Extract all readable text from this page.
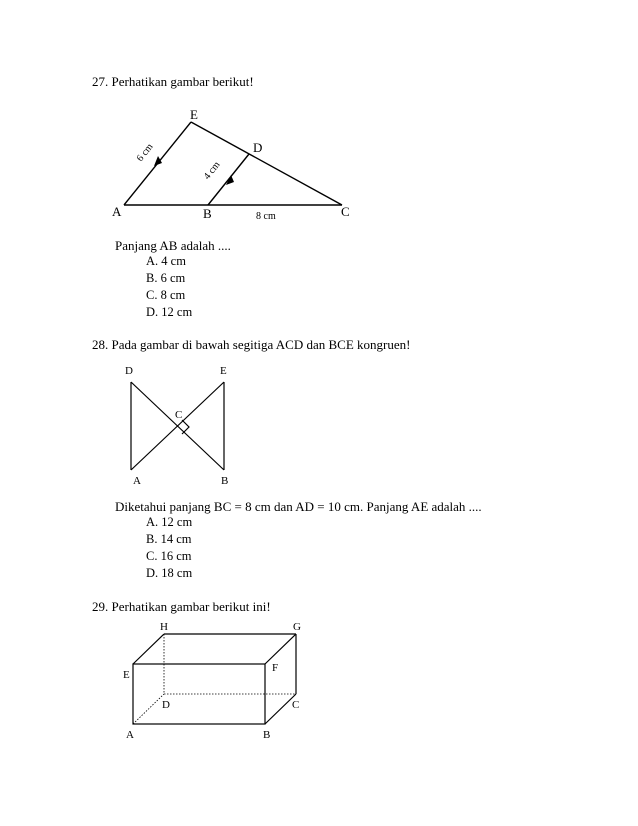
27. Perhatikan gambar berikut!
E
D
A	B	C
8 cm
6 cm
4 cm
D	E
C
A	B
H	G
E
F
D	C
A	B
Panjang AB adalah ....
A. 4 cm
B. 6 cm
C. 8 cm
D. 12 cm
28. Pada gambar di bawah segitiga ACD dan BCE kongruen!
Diketahui panjang BC = 8 cm dan AD = 10 cm. Panjang AE adalah ....
A. 12 cm
B. 14 cm
C. 16 cm
D. 18 cm
29. Perhatikan gambar berikut ini!
